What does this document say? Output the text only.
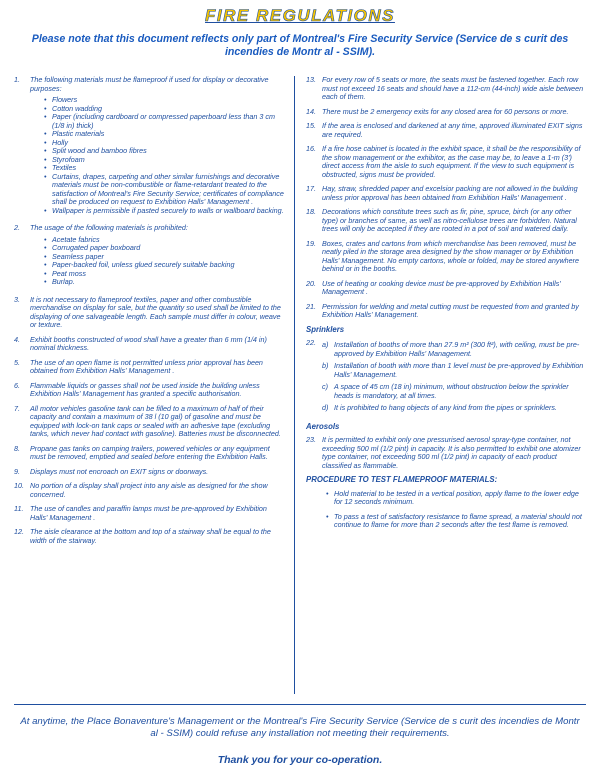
FIRE REGULATIONS
Please note that this document reflects only part of Montreal's Fire Security Service (Service de s curit des incendies de Montr al - SSIM).
1.	The following materials must be flameproof if used for display or decorative purposes:
• Flowers
• Cotton wadding
• Paper (including cardboard or compressed paperboard less than 3 cm (1/8 in) thick)
• Plastic materials
• Holly
• Split wood and bamboo fibres
• Styrofoam
• Textiles
• Curtains, drapes, carpeting and other similar furnishings and decorative materials must be non-combustible or flame-retardant treated to the satisfaction of Montreal's Fire Security Service; certificates of compliance shall be produced on request to Exhibition Halls' Management .
• Wallpaper is permissible if pasted securely to walls or wallboard backing.
2.	The usage of the following materials is prohibited:
• Acetate fabrics
• Corrugated paper boxboard
• Seamless paper
• Paper-backed foil, unless glued securely suitable backing
• Peat moss
• Burlap.
3.	It is not necessary to flameproof textiles, paper and other combustible merchandise on display for sale, but the quantity so used shall be limited to the displaying of one salvageable length. Each sample must differ in colour, weave or texture.
4.	Exhibit booths constructed of wood shall have a greater than 6 mm (1/4 in) nominal thickness.
5.	The use of an open flame is not permitted unless prior approval has been obtained from Exhibition Halls' Management .
6.	Flammable liquids or gasses shall not be used inside the building unless Exhibition Halls' Management has granted a specific authorisation.
7.	All motor vehicles gasoline tank can be filled to a maximum of half of their capacity and contain a maximum of 38 l (10 gal) of gasoline and must be equipped with lock-on tank caps or sealed with an adhesive tape (excluding tanks, which never had contact with gasoline). Batteries must be disconnected.
8.	Propane gas tanks on camping trailers, powered vehicles or any equipment must be removed, emptied and sealed before entering the Exhibition Halls.
9.	Displays must not encroach on EXIT signs or doorways.
10. No portion of a display shall project into any aisle as designed for the show concerned.
11. The use of candles and paraffin lamps must be pre-approved by Exhibition Halls' Management .
12. The aisle clearance at the bottom and top of a stairway shall be equal to the width of the stairway.
13. For every row of 5 seats or more, the seats must be fastened together. Each row must not exceed 16 seats and should have a 112-cm (44-inch) wide aisle between each of them.
14. There must be 2 emergency exits for any closed area for 60 persons or more.
15. If the area is enclosed and darkened at any time, approved illuminated EXIT signs are required.
16. If a fire hose cabinet is located in the exhibit space, it shall be the responsibility of the show management or the exhibitor, as the case may be, to leave a 1-m (3') direct access from the aisle to such equipment. If the view to such equipment is obstructed, signs must be provided.
17. Hay, straw, shredded paper and excelsior packing are not allowed in the building unless prior approval has been obtained from Exhibition Halls' Management .
18. Decorations which constitute trees such as fir, pine, spruce, birch (or any other type) or branches of same, as well as nitro-cellulose trees are forbidden. Natural trees will only be accepted if they are rooted in a pot of soil and watered daily.
19. Boxes, crates and cartons from which merchandise has been removed, must be neatly piled in the storage area designed by the show manager or by Exhibition Halls' Management. No empty cartons, whole or folded, may be stored anywhere behind or in the booths.
20. Use of heating or cooking device must be pre-approved by Exhibition Halls' Management .
21. Permission for welding and metal cutting must be requested from and granted by Exhibition Halls' Management.
Sprinklers
22. a) Installation of booths of more than 27.9 m² (300 ft²), with ceiling, must be pre-approved by Exhibition Halls' Management.
b) Installation of booth with more than 1 level must be pre-approved by Exhibition Halls' Management.
c) A space of 45 cm (18 in) minimum, without obstruction below the sprinkler heads is mandatory, at all times.
d) It is prohibited to hang objects of any kind from the pipes or sprinklers.
Aerosols
23. It is permitted to exhibit only one pressurised aerosol spray-type container, not exceeding 500 ml (1/2 pint) in capacity. It is also permitted to exhibit one atomizer type container, not exceeding 500 ml (1/2 pint) in capacity of each product classified as flammable.
PROCEDURE TO TEST FLAMEPROOF MATERIALS:
• Hold material to be tested in a vertical position, apply flame to the lower edge for 12 seconds minimum.
• To pass a test of satisfactory resistance to flame spread, a material should not continue to flame for more than 2 seconds after the test flame is removed.
At anytime, the Place Bonaventure's Management or the Montreal's Fire Security Service (Service de s curit des incendies de Montr al - SSIM) could refuse any installation not meeting their requirements.
Thank you for your co-operation.
